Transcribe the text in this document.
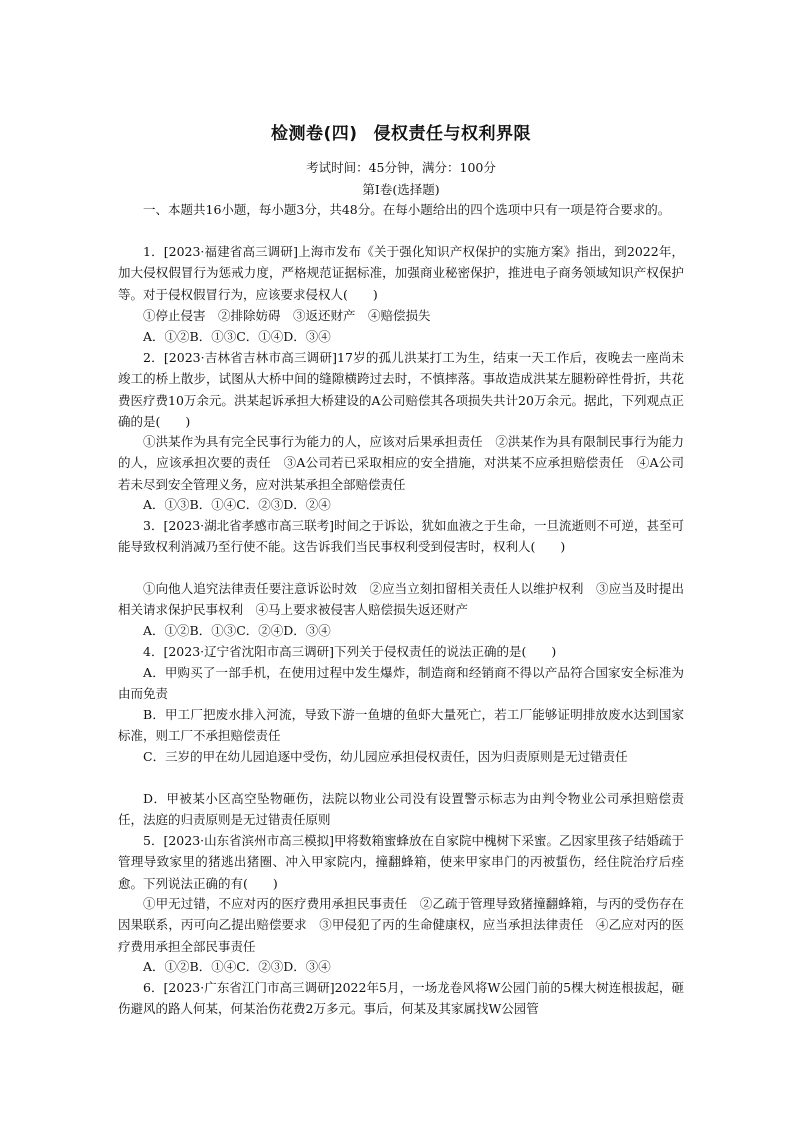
检测卷(四) 侵权责任与权利界限
考试时间：45分钟，满分：100分
第Ⅰ卷(选择题)

一、本题共16小题，每小题3分，共48分。在每小题给出的四个选项中只有一项是符合要求的。

1．[2023·福建省高三调研]上海市发布《关于强化知识产权保护的实施方案》指出，到2022年，加大侵权假冒行为惩戒力度，严格规范证据标准，加强商业秘密保护，推进电子商务领域知识产权保护等。对于侵权假冒行为，应该要求侵权人(　　)

①停止侵害　②排除妨碍　③返还财产　④赔偿损失

A．①②B．①③C．①④D．③④

2．[2023·吉林省吉林市高三调研]17岁的孤儿洪某打工为生，结束一天工作后，夜晚去一座尚未竣工的桥上散步，试图从大桥中间的缝隙横跨过去时，不慎摔落。事故造成洪某左腿粉碎性骨折，共花费医疗费10万余元。洪某起诉承担大桥建设的A公司赔偿其各项损失共计20万余元。据此，下列观点正确的是(　　)

①洪某作为具有完全民事行为能力的人，应该对后果承担责任　②洪某作为具有限制民事行为能力的人，应该承担次要的责任　③A公司若已采取相应的安全措施，对洪某不应承担赔偿责任　④A公司若未尽到安全管理义务，应对洪某承担全部赔偿责任

A．①③B．①④C．②③D．②④

3．[2023·湖北省孝感市高三联考]时间之于诉讼，犹如血液之于生命，一旦流逝则不可逆，甚至可能导致权利消减乃至行使不能。这告诉我们当民事权利受到侵害时，权利人(　　)

①向他人追究法律责任要注意诉讼时效　②应当立刻扣留相关责任人以维护权利　③应当及时提出相关请求保护民事权利　④马上要求被侵害人赔偿损失返还财产

A．①②B．①③C．②④D．③④

4．[2023·辽宁省沈阳市高三调研]下列关于侵权责任的说法正确的是(　　)

A．甲购买了一部手机，在使用过程中发生爆炸，制造商和经销商不得以产品符合国家安全标准为由而免责

B．甲工厂把废水排入河流，导致下游一鱼塘的鱼虾大量死亡，若工厂能够证明排放废水达到国家标准，则工厂不承担赔偿责任

C．三岁的甲在幼儿园追逐中受伤，幼儿园应承担侵权责任，因为归责原则是无过错责任

D．甲被某小区高空坠物砸伤，法院以物业公司没有设置警示标志为由判令物业公司承担赔偿责任，法庭的归责原则是无过错责任原则

5．[2023·山东省滨州市高三模拟]甲将数箱蜜蜂放在自家院中槐树下采蜜。乙因家里孩子结婚疏于管理导致家里的猪逃出猪圈、冲入甲家院内，撞翻蜂箱，使来甲家串门的丙被蜇伤，经住院治疗后痊愈。下列说法正确的有(　　)

①甲无过错，不应对丙的医疗费用承担民事责任　②乙疏于管理导致猪撞翻蜂箱，与丙的受伤存在因果联系，丙可向乙提出赔偿要求　③甲侵犯了丙的生命健康权，应当承担法律责任　④乙应对丙的医疗费用承担全部民事责任

A．①②B．①④C．②③D．③④

6．[2023·广东省江门市高三调研]2022年5月，一场龙卷风将W公园门前的5棵大树连根拔起，砸伤避风的路人何某，何某治伤花费2万多元。事后，何某及其家属找W公园管
